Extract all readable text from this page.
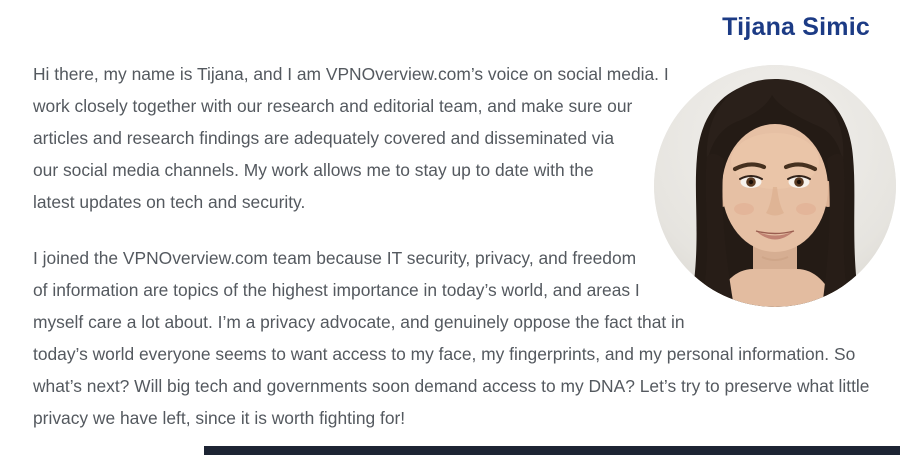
Tijana Simic

Hi there, my name is Tijana, and I am VPNOverview.com’s voice on social media. I work closely together with our research and editorial team, and make sure our articles and research findings are adequately covered and disseminated via our social media channels. My work allows me to stay up to date with the latest updates on tech and security.

I joined the VPNOverview.com team because IT security, privacy, and freedom of information are topics of the highest importance in today’s world, and areas I myself care a lot about. I’m a privacy advocate, and genuinely oppose the fact that in today’s world everyone seems to want access to my face, my fingerprints, and my personal information. So what’s next? Will big tech and governments soon demand access to my DNA? Let’s try to preserve what little privacy we have left, since it is worth fighting for!
